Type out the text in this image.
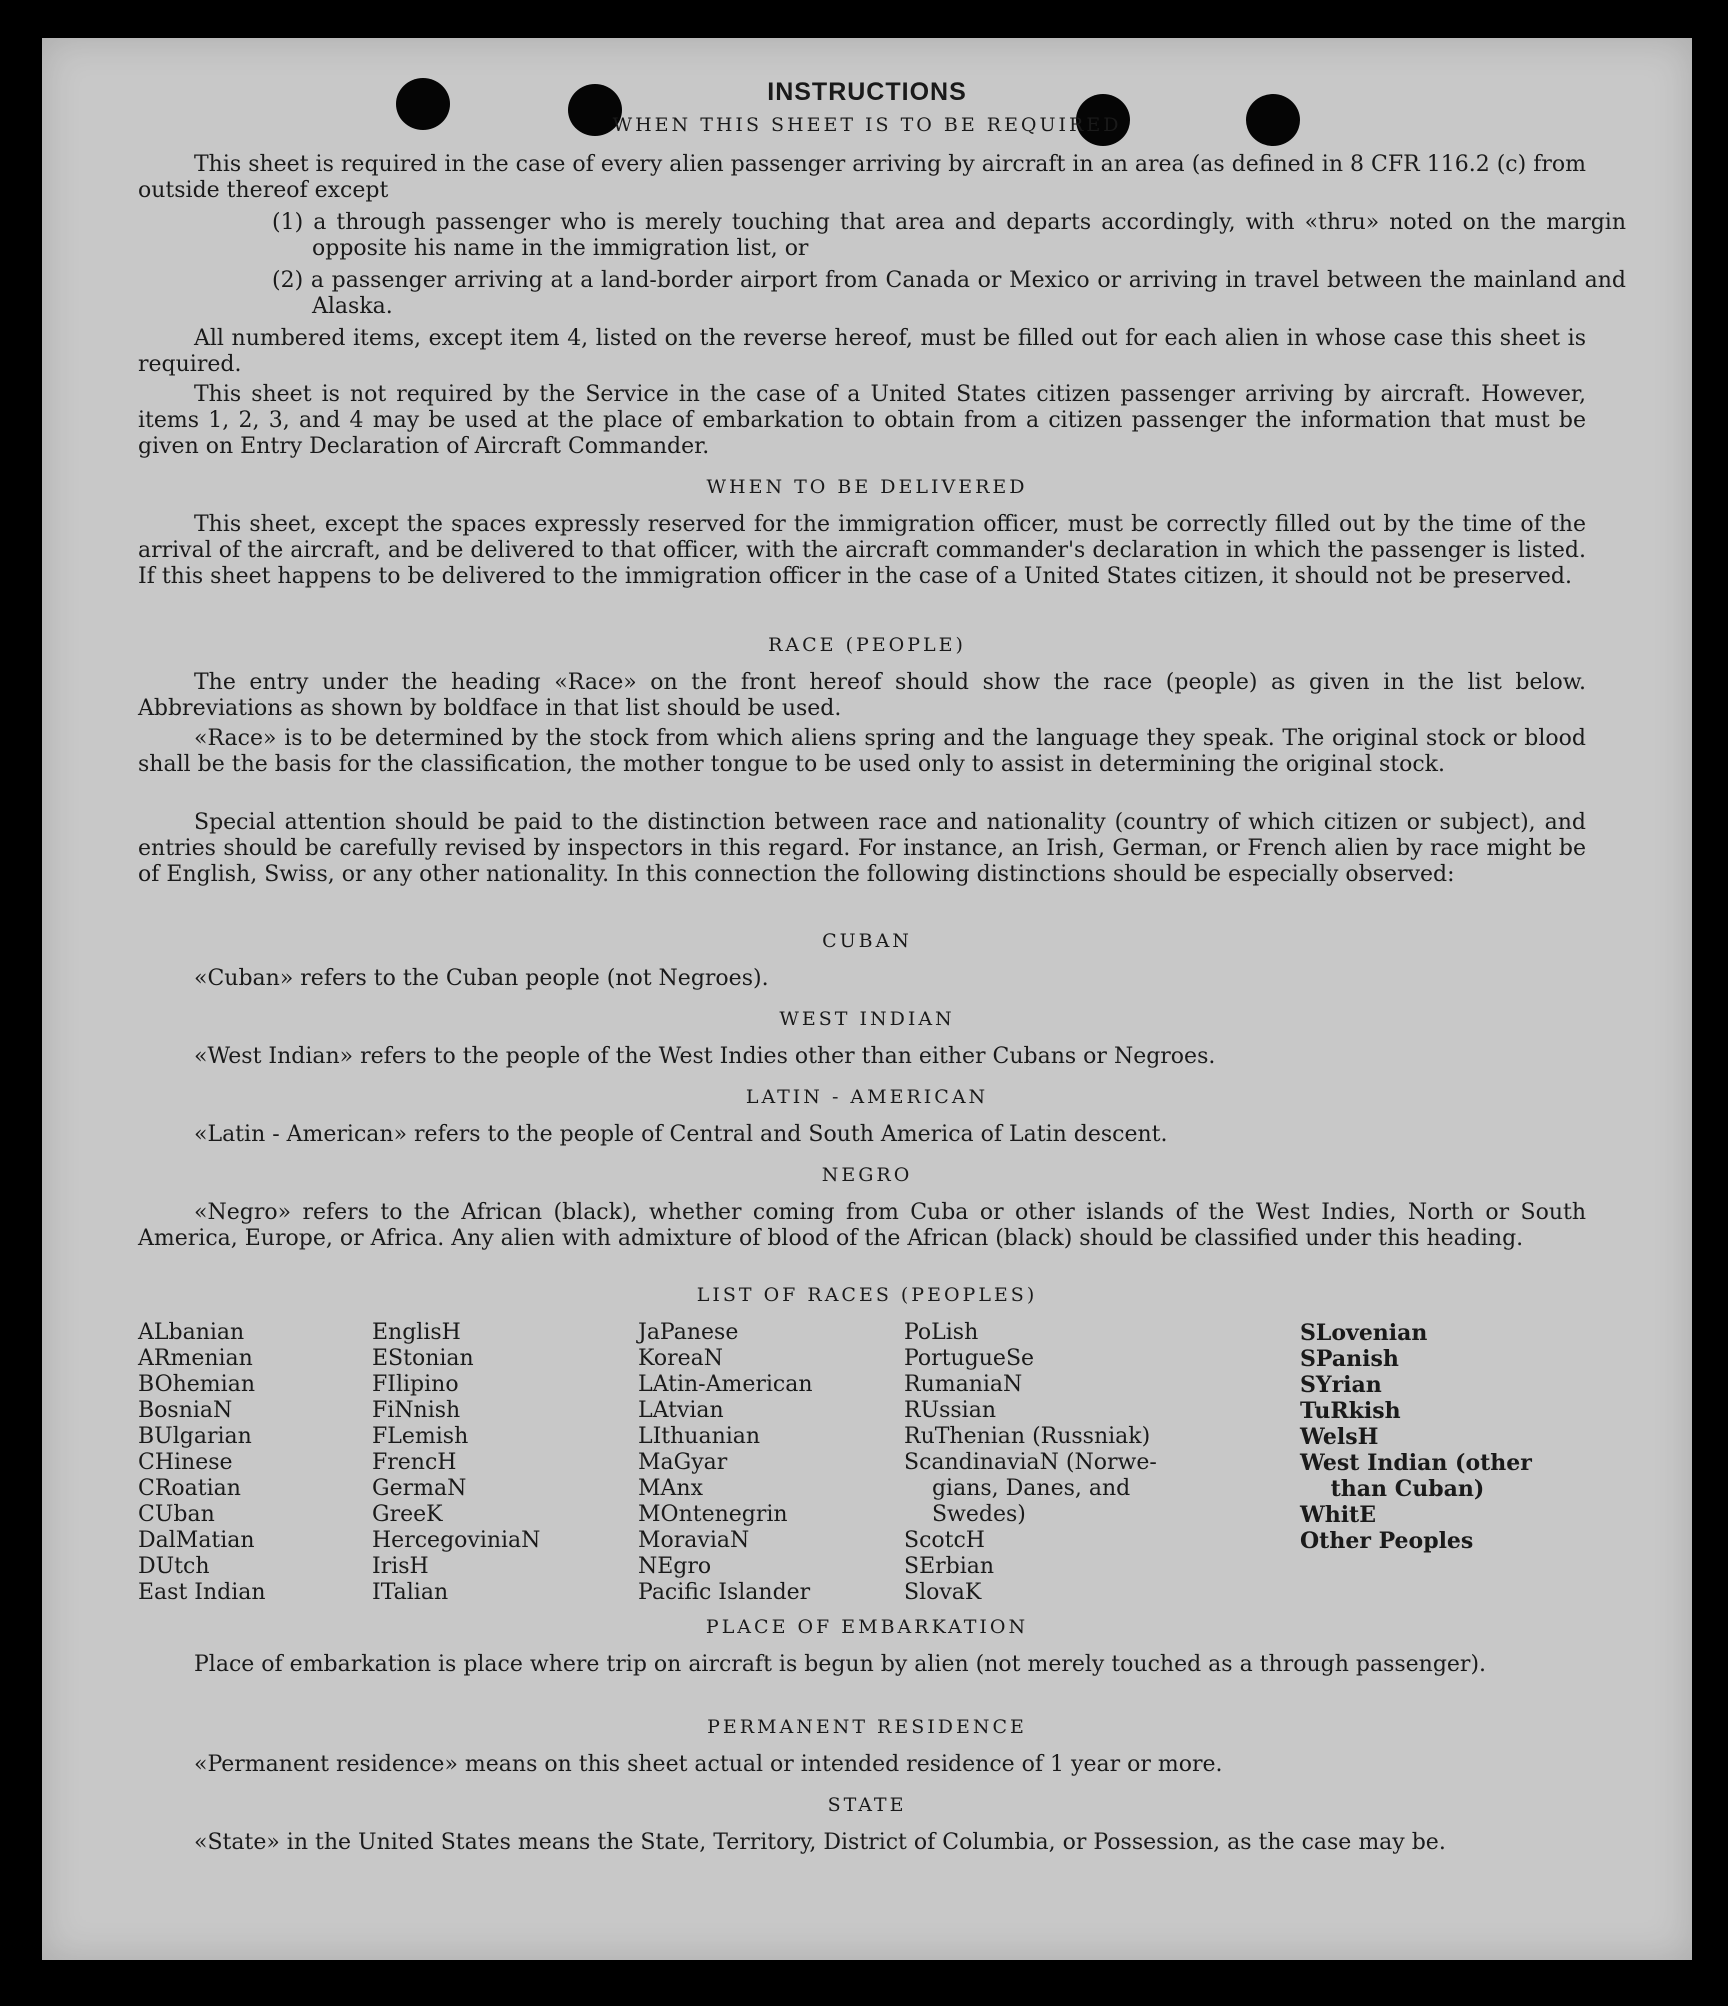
INSTRUCTIONS
WHEN THIS SHEET IS TO BE REQUIRED
This sheet is required in the case of every alien passenger arriving by aircraft in an area (as defined in 8 CFR 116.2 (c) from outside thereof except
(1) a through passenger who is merely touching that area and departs accordingly, with «thru» noted on the margin opposite his name in the immigration list, or
(2) a passenger arriving at a land-border airport from Canada or Mexico or arriving in travel between the mainland and Alaska.
All numbered items, except item 4, listed on the reverse hereof, must be filled out for each alien in whose case this sheet is required.
This sheet is not required by the Service in the case of a United States citizen passenger arriving by aircraft. However, items 1, 2, 3, and 4 may be used at the place of embarkation to obtain from a citizen passenger the information that must be given on Entry Declaration of Aircraft Commander.
WHEN TO BE DELIVERED
This sheet, except the spaces expressly reserved for the immigration officer, must be correctly filled out by the time of the arrival of the aircraft, and be delivered to that officer, with the aircraft commander's declaration in which the passenger is listed. If this sheet happens to be delivered to the immigration officer in the case of a United States citizen, it should not be preserved.
RACE (PEOPLE)
The entry under the heading «Race» on the front hereof should show the race (people) as given in the list below. Abbreviations as shown by boldface in that list should be used.
«Race» is to be determined by the stock from which aliens spring and the language they speak. The original stock or blood shall be the basis for the classification, the mother tongue to be used only to assist in determining the original stock.
Special attention should be paid to the distinction between race and nationality (country of which citizen or subject), and entries should be carefully revised by inspectors in this regard. For instance, an Irish, German, or French alien by race might be of English, Swiss, or any other nationality. In this connection the following distinctions should be especially observed:
CUBAN
«Cuban» refers to the Cuban people (not Negroes).
WEST INDIAN
«West Indian» refers to the people of the West Indies other than either Cubans or Negroes.
LATIN - AMERICAN
«Latin - American» refers to the people of Central and South America of Latin descent.
NEGRO
«Negro» refers to the African (black), whether coming from Cuba or other islands of the West Indies, North or South America, Europe, or Africa. Any alien with admixture of blood of the African (black) should be classified under this heading.
LIST OF RACES (PEOPLES)
ALbanian
ARmenian
BOhemian
BosniaN
BUlgarian
CHinese
CRoatian
CUban
DalMatian
DUtch
East Indian
EnglisH
EStonian
FIlipino
FiNnish
FLemish
FrencH
GermaN
GreeK
HercegoviniaN
IrisH
ITalian
JaPanese
KoreaN
LAtin-American
LAtvian
LIthuanian
MaGyar
MAnx
MOntenegrin
MoraviaN
NEgro
Pacific Islander
PoLish
PortugueSe
RumaniaN
RUssian
RuThenian (Russniak)
ScandinaviaN (Norwe-
gians, Danes, and
Swedes)
ScotcH
SErbian
SlovaK
SLovenian
SPanish
SYrian
TuRkish
WelsH
West Indian (other
than Cuban)
WhitE
Other Peoples
PLACE OF EMBARKATION
Place of embarkation is place where trip on aircraft is begun by alien (not merely touched as a through passenger).
PERMANENT RESIDENCE
«Permanent residence» means on this sheet actual or intended residence of 1 year or more.
STATE
«State» in the United States means the State, Territory, District of Columbia, or Possession, as the case may be.
